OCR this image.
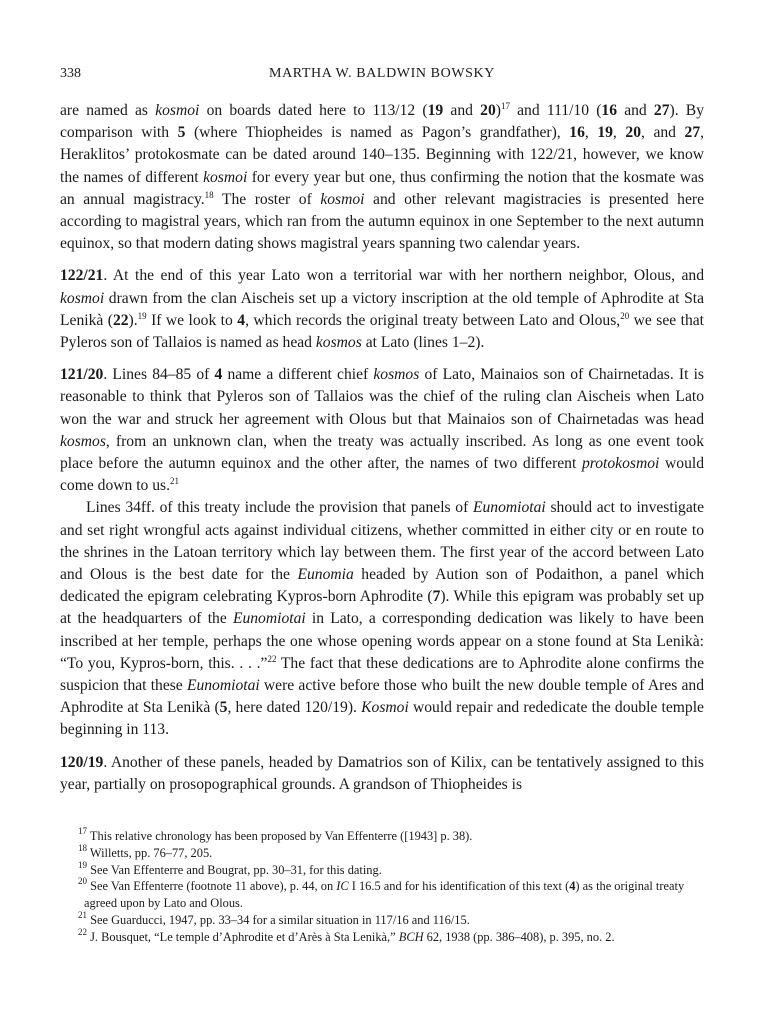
338	MARTHA W. BALDWIN BOWSKY

are named as kosmoi on boards dated here to 113/12 (19 and 20)$^{17}$ and 111/10 (16 and 27). By comparison with 5 (where Thiopheides is named as Pagon’s grandfather), 16, 19, 20, and 27, Heraklitos’ protokosmate can be dated around 140–135. Beginning with 122/21, however, we know the names of different kosmoi for every year but one, thus confirming the notion that the kosmate was an annual magistracy.$^{18}$ The roster of kosmoi and other relevant magistracies is presented here according to magistral years, which ran from the autumn equinox in one September to the next autumn equinox, so that modern dating shows magistral years spanning two calendar years.

122/21. At the end of this year Lato won a territorial war with her northern neighbor, Olous, and kosmoi drawn from the clan Aischeis set up a victory inscription at the old temple of Aphrodite at Sta Lenikà (22).$^{19}$ If we look to 4, which records the original treaty between Lato and Olous,$^{20}$ we see that Pyleros son of Tallaios is named as head kosmos at Lato (lines 1–2).

121/20. Lines 84–85 of 4 name a different chief kosmos of Lato, Mainaios son of Chairnetadas. It is reasonable to think that Pyleros son of Tallaios was the chief of the ruling clan Aischeis when Lato won the war and struck her agreement with Olous but that Mainaios son of Chairnetadas was head kosmos, from an unknown clan, when the treaty was actually inscribed. As long as one event took place before the autumn equinox and the other after, the names of two different protokosmoi would come down to us.$^{21}$

Lines 34ff. of this treaty include the provision that panels of Eunomiotai should act to investigate and set right wrongful acts against individual citizens, whether committed in either city or en route to the shrines in the Latoan territory which lay between them. The first year of the accord between Lato and Olous is the best date for the Eunomia headed by Aution son of Podaithon, a panel which dedicated the epigram celebrating Kypros-born Aphrodite (7). While this epigram was probably set up at the headquarters of the Eunomiotai in Lato, a corresponding dedication was likely to have been inscribed at her temple, perhaps the one whose opening words appear on a stone found at Sta Lenikà: “To you, Kypros-born, this. . . .”$^{22}$ The fact that these dedications are to Aphrodite alone confirms the suspicion that these Eunomiotai were active before those who built the new double temple of Ares and Aphrodite at Sta Lenikà (5, here dated 120/19). Kosmoi would repair and rededicate the double temple beginning in 113.

120/19. Another of these panels, headed by Damatrios son of Kilix, can be tentatively assigned to this year, partially on prosopographical grounds. A grandson of Thiopheides is

$^{17}$ This relative chronology has been proposed by Van Effenterre ([1943] p. 38).
$^{18}$ Willetts, pp. 76–77, 205.
$^{19}$ See Van Effenterre and Bougrat, pp. 30–31, for this dating.
$^{20}$ See Van Effenterre (footnote 11 above), p. 44, on IC I 16.5 and for his identification of this text (4) as the original treaty agreed upon by Lato and Olous.
$^{21}$ See Guarducci, 1947, pp. 33–34 for a similar situation in 117/16 and 116/15.
$^{22}$ J. Bousquet, “Le temple d’Aphrodite et d’Arès à Sta Lenikà,” BCH 62, 1938 (pp. 386–408), p. 395, no. 2.
